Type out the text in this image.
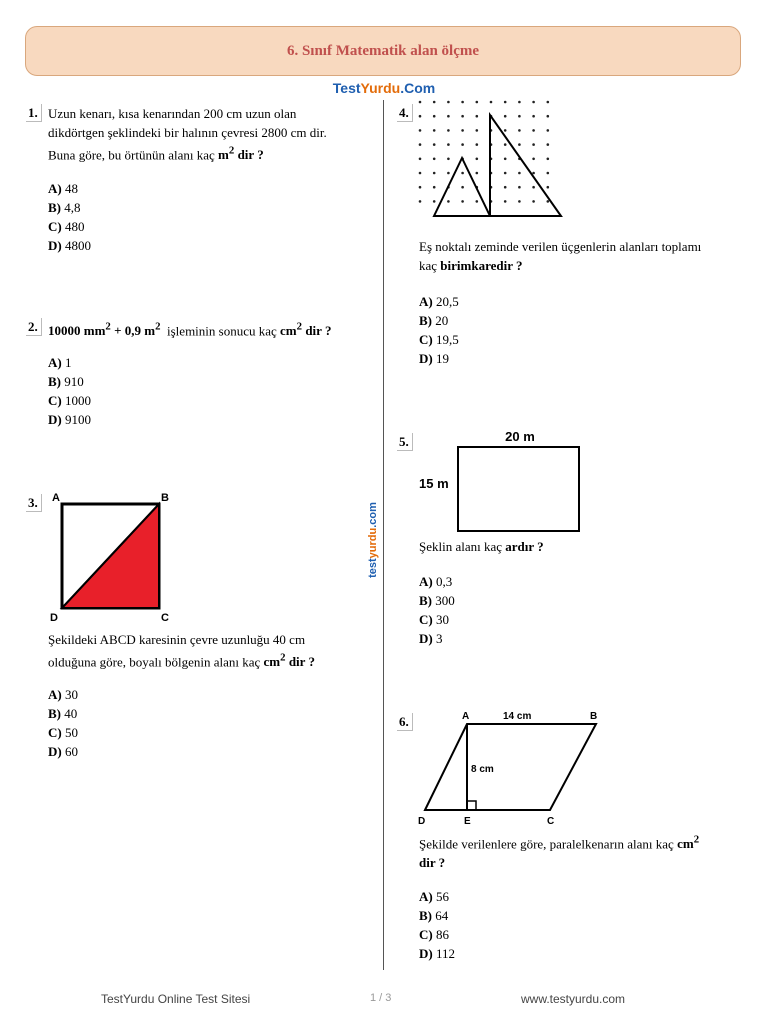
6. Sınıf Matematik alan ölçme
TestYurdu.Com
testyurdu.com
1. Uzun kenarı, kısa kenarından 200 cm uzun olan
dikdörtgen şeklindeki bir halının çevresi 2800 cm dir.
Buna göre, bu örtünün alanı kaç $m^2$ dir ?
A) 48
B) 4,8
C) 480
D) 4800
2. 10000 $mm^2 + 0,9$ $m^2$  işleminin sonucu kaç $cm^2$ dir ?
A) 1
B) 910
C) 1000
D) 9100
3.	A	B
C
D
Şekildeki ABCD karesinin çevre uzunluğu 40 cm
olduğuna göre, boyalı bölgenin alanı kaç $cm^2$ dir ?
A) 30
B) 40
C) 50
D) 60
4.
Eş noktalı zeminde verilen üçgenlerin alanları toplamı
kaç birimkaredir ?
A) 20,5
B) 20
C) 19,5
D) 19
5.	20 m
15 m
Şeklin alanı kaç ardır ?
A) 0,3
B) 300
C) 30
D) 3
6.	A	B
C
D	E
14 cm
8 cm
Şekilde verilenlere göre, paralelkenarın alanı kaç $cm^2$
dir ?
A) 56
B) 64
C) 86
D) 112
TestYurdu Online Test Sitesi	1 / 3	www.testyurdu.com
